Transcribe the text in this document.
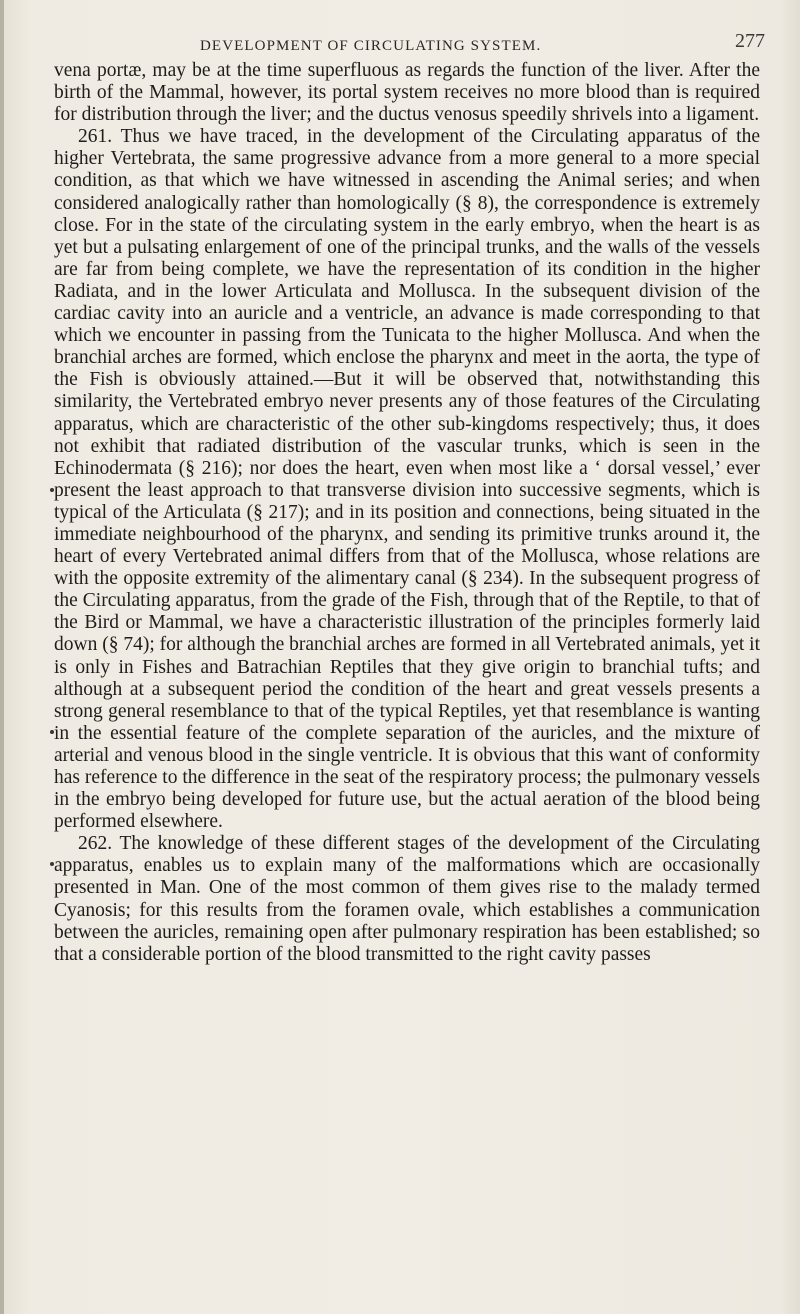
DEVELOPMENT OF CIRCULATING SYSTEM.	277

vena portæ, may be at the time superfluous as regards the function of the liver. After the birth of the Mammal, however, its portal system receives no more blood than is required for distribution through the liver; and the ductus venosus speedily shrivels into a ligament.

261. Thus we have traced, in the development of the Circulating apparatus of the higher Vertebrata, the same progressive advance from a more general to a more special condition, as that which we have witnessed in ascending the Animal series; and when considered analogically rather than homologically (§ 8), the correspondence is extremely close. For in the state of the circulating system in the early embryo, when the heart is as yet but a pulsating enlargement of one of the principal trunks, and the walls of the vessels are far from being complete, we have the representation of its condition in the higher Radiata, and in the lower Articulata and Mollusca. In the subsequent division of the cardiac cavity into an auricle and a ventricle, an advance is made corresponding to that which we encounter in passing from the Tunicata to the higher Mollusca. And when the branchial arches are formed, which enclose the pharynx and meet in the aorta, the type of the Fish is obviously attained.—But it will be observed that, notwithstanding this similarity, the Vertebrated embryo never presents any of those features of the Circulating apparatus, which are characteristic of the other sub-kingdoms respectively; thus, it does not exhibit that radiated distribution of the vascular trunks, which is seen in the Echinodermata (§ 216); nor does the heart, even when most like a ‘ dorsal vessel,’ ever present the least approach to that transverse division into successive segments, which is typical of the Articulata (§ 217); and in its position and connections, being situated in the immediate neighbourhood of the pharynx, and sending its primitive trunks around it, the heart of every Vertebrated animal differs from that of the Mollusca, whose relations are with the opposite extremity of the alimentary canal (§ 234). In the subsequent progress of the Circulating apparatus, from the grade of the Fish, through that of the Reptile, to that of the Bird or Mammal, we have a characteristic illustration of the principles formerly laid down (§ 74); for although the branchial arches are formed in all Vertebrated animals, yet it is only in Fishes and Batrachian Reptiles that they give origin to branchial tufts; and although at a subsequent period the condition of the heart and great vessels presents a strong general resemblance to that of the typical Reptiles, yet that resemblance is wanting in the essential feature of the complete separation of the auricles, and the mixture of arterial and venous blood in the single ventricle. It is obvious that this want of conformity has reference to the difference in the seat of the respiratory process; the pulmonary vessels in the embryo being developed for future use, but the actual aeration of the blood being performed elsewhere.

262. The knowledge of these different stages of the development of the Circulating apparatus, enables us to explain many of the malformations which are occasionally presented in Man. One of the most common of them gives rise to the malady termed Cyanosis; for this results from the foramen ovale, which establishes a communication between the auricles, remaining open after pulmonary respiration has been established; so that a considerable portion of the blood transmitted to the right cavity passes
